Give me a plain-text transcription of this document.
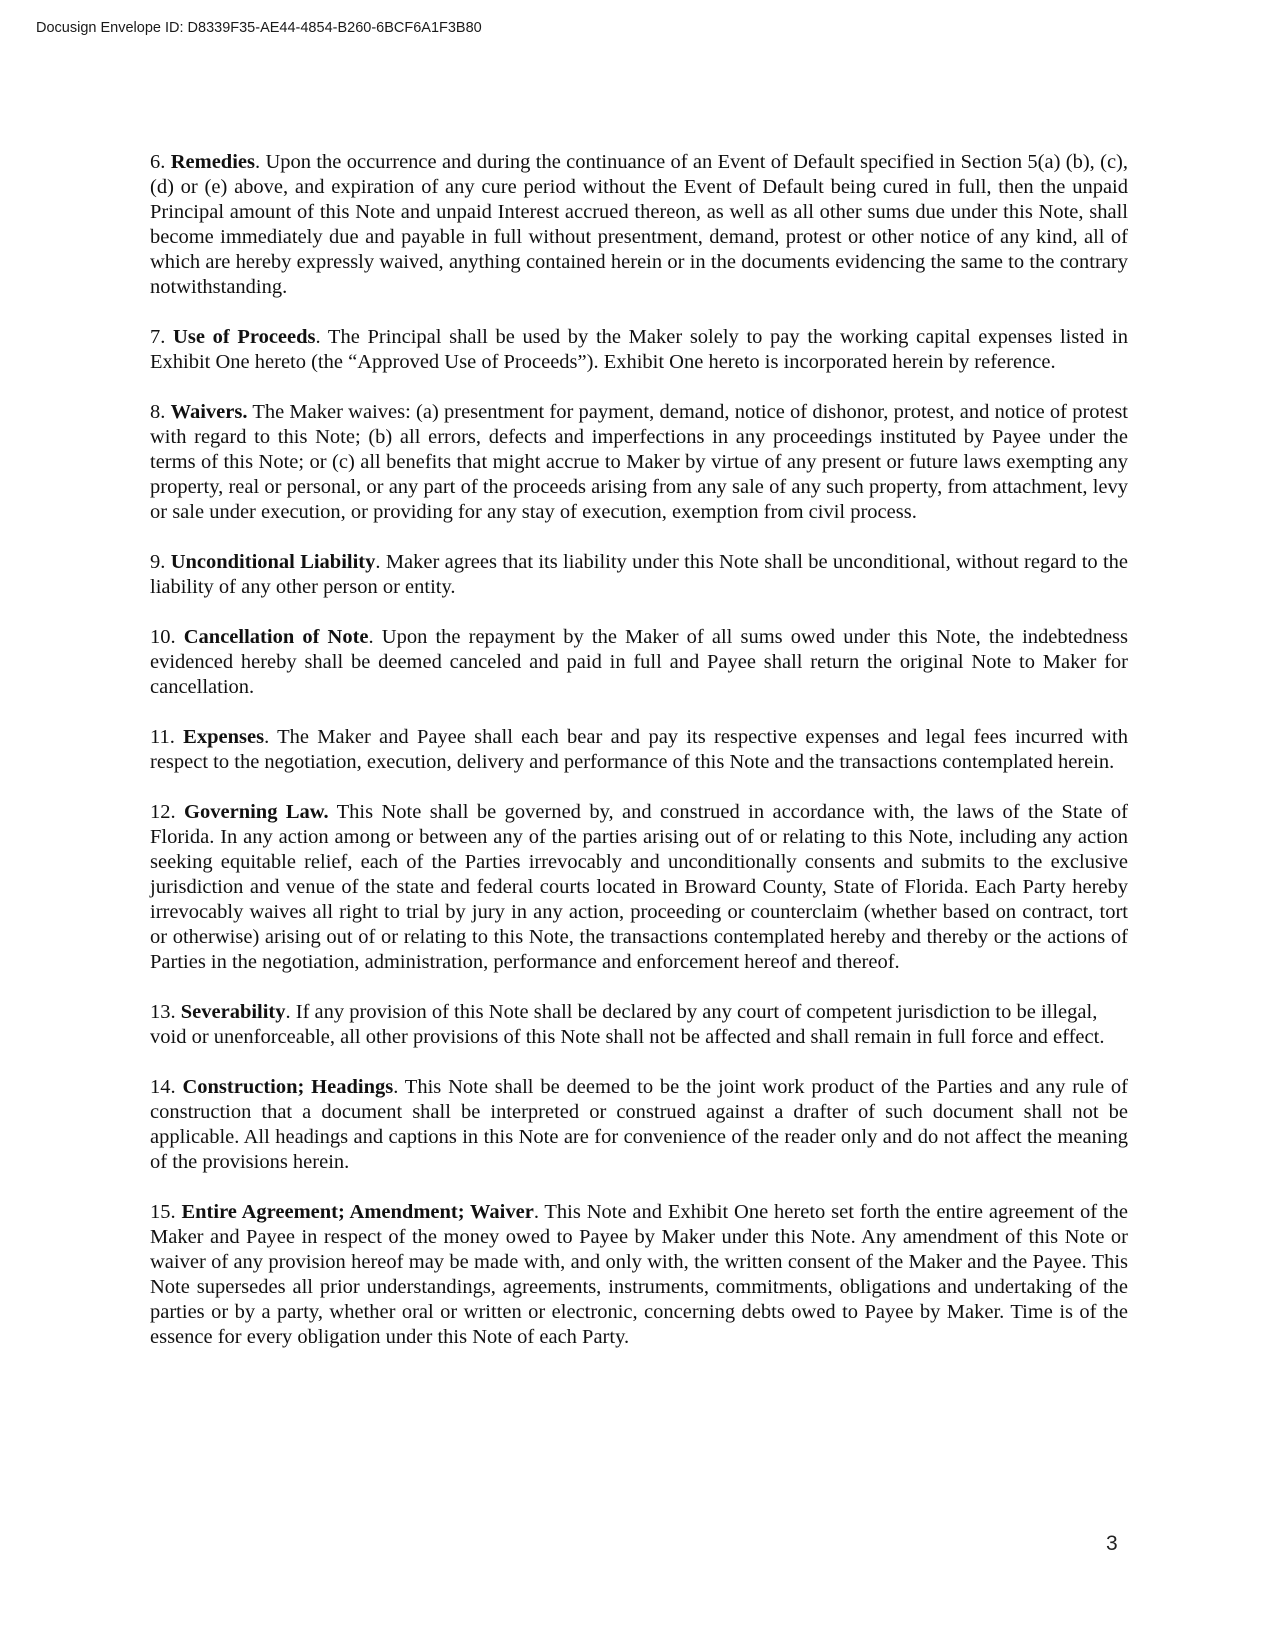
Docusign Envelope ID: D8339F35-AE44-4854-B260-6BCF6A1F3B80

6. Remedies. Upon the occurrence and during the continuance of an Event of Default specified in Section 5(a) (b), (c), (d) or (e) above, and expiration of any cure period without the Event of Default being cured in full, then the unpaid Principal amount of this Note and unpaid Interest accrued thereon, as well as all other sums due under this Note, shall become immediately due and payable in full without presentment, demand, protest or other notice of any kind, all of which are hereby expressly waived, anything contained herein or in the documents evidencing the same to the contrary notwithstanding.

7. Use of Proceeds. The Principal shall be used by the Maker solely to pay the working capital expenses listed in Exhibit One hereto (the “Approved Use of Proceeds”). Exhibit One hereto is incorporated herein by reference.

8. Waivers. The Maker waives: (a) presentment for payment, demand, notice of dishonor, protest, and notice of protest with regard to this Note; (b) all errors, defects and imperfections in any proceedings instituted by Payee under the terms of this Note; or (c) all benefits that might accrue to Maker by virtue of any present or future laws exempting any property, real or personal, or any part of the proceeds arising from any sale of any such property, from attachment, levy or sale under execution, or providing for any stay of execution, exemption from civil process.

9. Unconditional Liability. Maker agrees that its liability under this Note shall be unconditional, without regard to the liability of any other person or entity.

10. Cancellation of Note. Upon the repayment by the Maker of all sums owed under this Note, the indebtedness evidenced hereby shall be deemed canceled and paid in full and Payee shall return the original Note to Maker for cancellation.

11. Expenses. The Maker and Payee shall each bear and pay its respective expenses and legal fees incurred with respect to the negotiation, execution, delivery and performance of this Note and the transactions contemplated herein.

12. Governing Law. This Note shall be governed by, and construed in accordance with, the laws of the State of Florida. In any action among or between any of the parties arising out of or relating to this Note, including any action seeking equitable relief, each of the Parties irrevocably and unconditionally consents and submits to the exclusive jurisdiction and venue of the state and federal courts located in Broward County, State of Florida. Each Party hereby irrevocably waives all right to trial by jury in any action, proceeding or counterclaim (whether based on contract, tort or otherwise) arising out of or relating to this Note, the transactions contemplated hereby and thereby or the actions of Parties in the negotiation, administration, performance and enforcement hereof and thereof.

13. Severability. If any provision of this Note shall be declared by any court of competent jurisdiction to be illegal, void or unenforceable, all other provisions of this Note shall not be affected and shall remain in full force and effect.

14. Construction; Headings. This Note shall be deemed to be the joint work product of the Parties and any rule of construction that a document shall be interpreted or construed against a drafter of such document shall not be applicable. All headings and captions in this Note are for convenience of the reader only and do not affect the meaning of the provisions herein.

15. Entire Agreement; Amendment; Waiver. This Note and Exhibit One hereto set forth the entire agreement of the Maker and Payee in respect of the money owed to Payee by Maker under this Note. Any amendment of this Note or waiver of any provision hereof may be made with, and only with, the written consent of the Maker and the Payee. This Note supersedes all prior understandings, agreements, instruments, commitments, obligations and undertaking of the parties or by a party, whether oral or written or electronic, concerning debts owed to Payee by Maker. Time is of the essence for every obligation under this Note of each Party.

3
